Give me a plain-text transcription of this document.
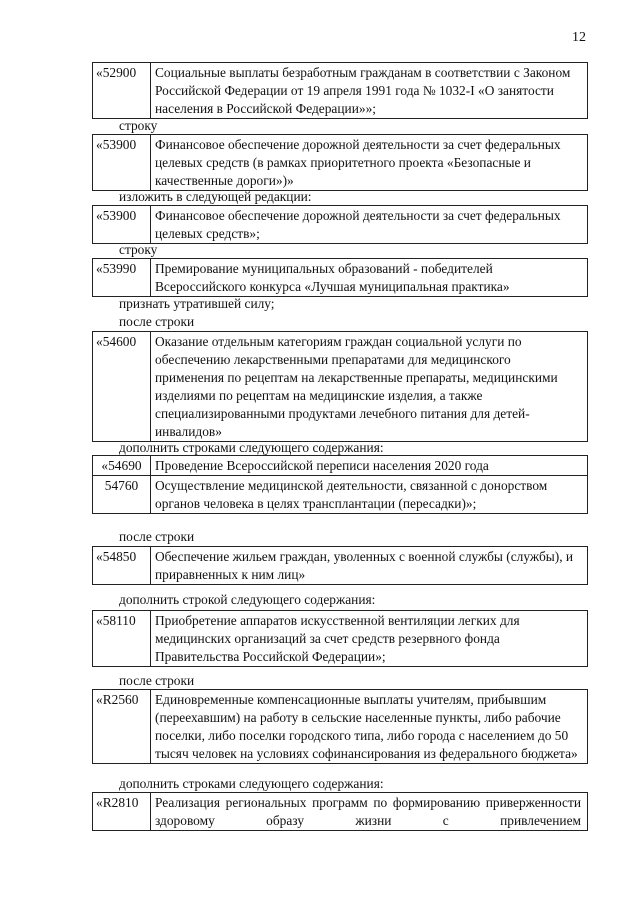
12
«52900	Социальные выплаты безработным гражданам в соответствии с Законом Российской Федерации от 19 апреля 1991 года № 1032-I «О занятости населения в Российской Федерации»»;
строку
«53900	Финансовое обеспечение дорожной деятельности за счет федеральных целевых средств (в рамках приоритетного проекта «Безопасные и качественные дороги»)»
изложить в следующей редакции:
«53900	Финансовое обеспечение дорожной деятельности за счет федеральных целевых средств»;
строку
«53990	Премирование муниципальных образований - победителей Всероссийского конкурса «Лучшая муниципальная практика»
признать утратившей силу;
после строки
«54600	Оказание отдельным категориям граждан социальной услуги по обеспечению лекарственными препаратами для медицинского применения по рецептам на лекарственные препараты, медицинскими изделиями по рецептам на медицинские изделия, а также специализированными продуктами лечебного питания для детей-инвалидов»
дополнить строками следующего содержания:
«54690	Проведение Всероссийской переписи населения 2020 года
54760	Осуществление медицинской деятельности, связанной с донорством органов человека в целях трансплантации (пересадки)»;
после строки
«54850	Обеспечение жильем граждан, уволенных с военной службы (службы), и приравненных к ним лиц»
дополнить строкой следующего содержания:
«58110	Приобретение аппаратов искусственной вентиляции легких для медицинских организаций за счет средств резервного фонда Правительства Российской Федерации»;
после строки
«R2560	Единовременные компенсационные выплаты учителям, прибывшим (переехавшим) на работу в сельские населенные пункты, либо рабочие поселки, либо поселки городского типа, либо города с населением до 50 тысяч человек на условиях софинансирования из федерального бюджета»
дополнить строками следующего содержания:
«R2810	Реализация региональных программ по формированию приверженности здоровому образу жизни с привлечением
